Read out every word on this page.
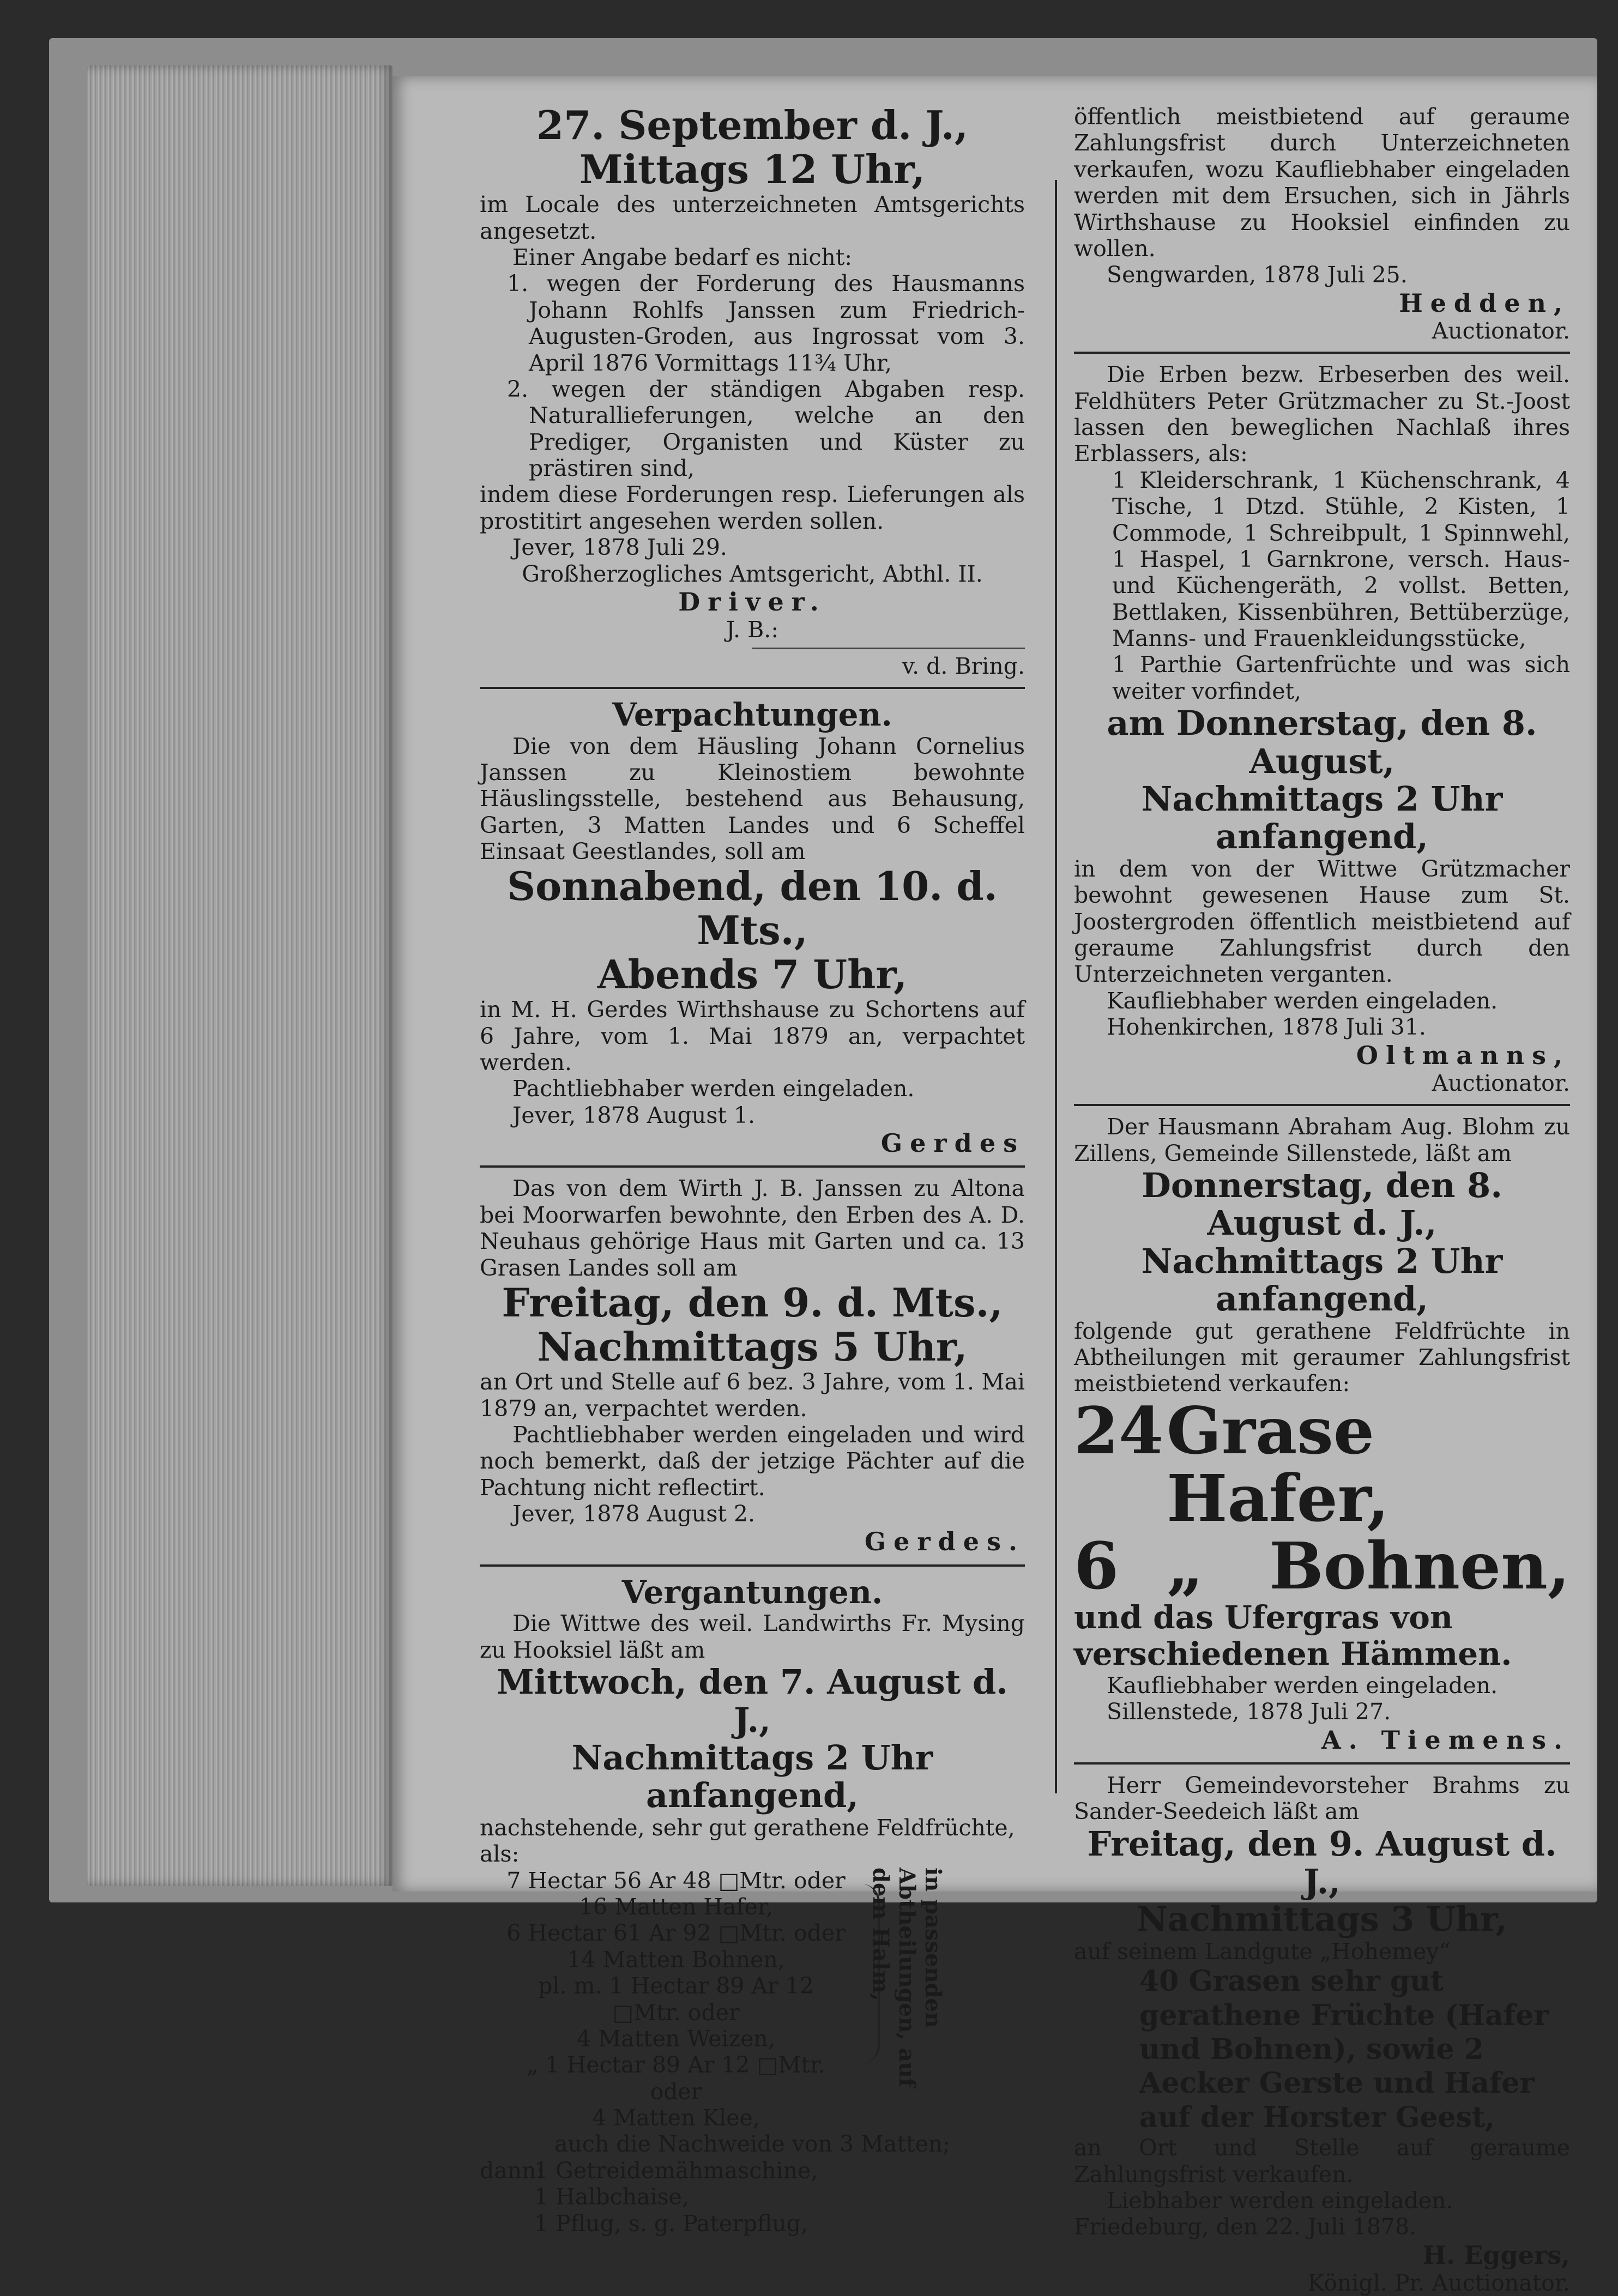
27. September d. J.,
Mittags 12 Uhr,
im Locale des unterzeichneten Amtsgerichts angesetzt.
Einer Angabe bedarf es nicht:
1. wegen der Forderung des Hausmanns Johann Rohlfs Janssen zum Friedrich-Augusten-Groden, aus Ingrossat vom 3. April 1876 Vormittags 11¾ Uhr,
2. wegen der ständigen Abgaben resp. Naturallieferungen, welche an den Prediger, Organisten und Küster zu prästiren sind,
indem diese Forderungen resp. Lieferungen als prostitirt angesehen werden sollen.
Jever, 1878 Juli 29.
Großherzogliches Amtsgericht, Abthl. II.
Driver.
J. B.:
v. d. Bring.
Verpachtungen.
Die von dem Häusling Johann Cornelius Janssen zu Kleinostiem bewohnte Häuslingsstelle, bestehend aus Behausung, Garten, 3 Matten Landes und 6 Scheffel Einsaat Geestlandes, soll am
Sonnabend, den 10. d. Mts.,
Abends 7 Uhr,
in M. H. Gerdes Wirthshause zu Schortens auf 6 Jahre, vom 1. Mai 1879 an, verpachtet werden.
Pachtliebhaber werden eingeladen.
Jever, 1878 August 1.
Gerdes
Das von dem Wirth J. B. Janssen zu Altona bei Moorwarfen bewohnte, den Erben des A. D. Neuhaus gehörige Haus mit Garten und ca. 13 Grasen Landes soll am
Freitag, den 9. d. Mts.,
Nachmittags 5 Uhr,
an Ort und Stelle auf 6 bez. 3 Jahre, vom 1. Mai 1879 an, verpachtet werden.
Pachtliebhaber werden eingeladen und wird noch bemerkt, daß der jetzige Pächter auf die Pachtung nicht reflectirt.
Jever, 1878 August 2.
Gerdes.
Vergantungen.
Die Wittwe des weil. Landwirths Fr. Mysing zu Hooksiel läßt am
Mittwoch, den 7. August d. J.,
Nachmittags 2 Uhr anfangend,
nachstehende, sehr gut gerathene Feldfrüchte, als:
7 Hectar 56 Ar 48 □Mtr. oder
16 Matten Hafer,
6 Hectar 61 Ar 92 □Mtr. oder
14 Matten Bohnen,
pl. m. 1 Hectar 89 Ar 12 □Mtr. oder
4 Matten Weizen,
„ 1 Hectar 89 Ar 12 □Mtr. oder
4 Matten Klee,
in passenden Abtheilungen, auf dem Halm,
auch die Nachweide von 3 Matten;
dann:
1 Getreidemähmaschine,
1 Halbchaise,
1 Pflug, s. g. Paterpflug,
öffentlich meistbietend auf geraume Zahlungsfrist durch Unterzeichneten verkaufen, wozu Kaufliebhaber eingeladen werden mit dem Ersuchen, sich in Jährls Wirthshause zu Hooksiel einfinden zu wollen.
Sengwarden, 1878 Juli 25.
Hedden,
Auctionator.
Die Erben bezw. Erbeserben des weil. Feldhüters Peter Grützmacher zu St.-Joost lassen den beweglichen Nachlaß ihres Erblassers, als:
1 Kleiderschrank, 1 Küchenschrank, 4 Tische, 1 Dtzd. Stühle, 2 Kisten, 1 Commode, 1 Schreibpult, 1 Spinnwehl, 1 Haspel, 1 Garnkrone, versch. Haus- und Küchengeräth, 2 vollst. Betten, Bettlaken, Kissenbühren, Bettüberzüge, Manns- und Frauenkleidungsstücke,
1 Parthie Gartenfrüchte und was sich weiter vorfindet,
am Donnerstag, den 8. August,
Nachmittags 2 Uhr anfangend,
in dem von der Wittwe Grützmacher bewohnt gewesenen Hause zum St. Joostergroden öffentlich meistbietend auf geraume Zahlungsfrist durch den Unterzeichneten verganten.
Kaufliebhaber werden eingeladen.
Hohenkirchen, 1878 Juli 31.
Oltmanns,
Auctionator.
Der Hausmann Abraham Aug. Blohm zu Zillens, Gemeinde Sillenstede, läßt am
Donnerstag, den 8. August d. J.,
Nachmittags 2 Uhr anfangend,
folgende gut gerathene Feldfrüchte in Abtheilungen mit geraumer Zahlungsfrist meistbietend verkaufen:
24 Grase Hafer,
6 „	Bohnen,
und das Ufergras von verschiedenen Hämmen.
Kaufliebhaber werden eingeladen.
Sillenstede, 1878 Juli 27.
A. Tiemens.
Herr Gemeindevorsteher Brahms zu Sander-Seedeich läßt am
Freitag, den 9. August d. J.,
Nachmittags 3 Uhr,
auf seinem Landgute „Hohemey“
40 Grasen sehr gut gerathene Früchte (Hafer und Bohnen), sowie 2 Aecker Gerste und Hafer auf der Horster Geest,
an Ort und Stelle auf geraume Zahlungsfrist verkaufen.
Liebhaber werden eingeladen.
Friedeburg, den 22. Juli 1878.
H. Eggers,
Königl. Pr. Auctionator.
